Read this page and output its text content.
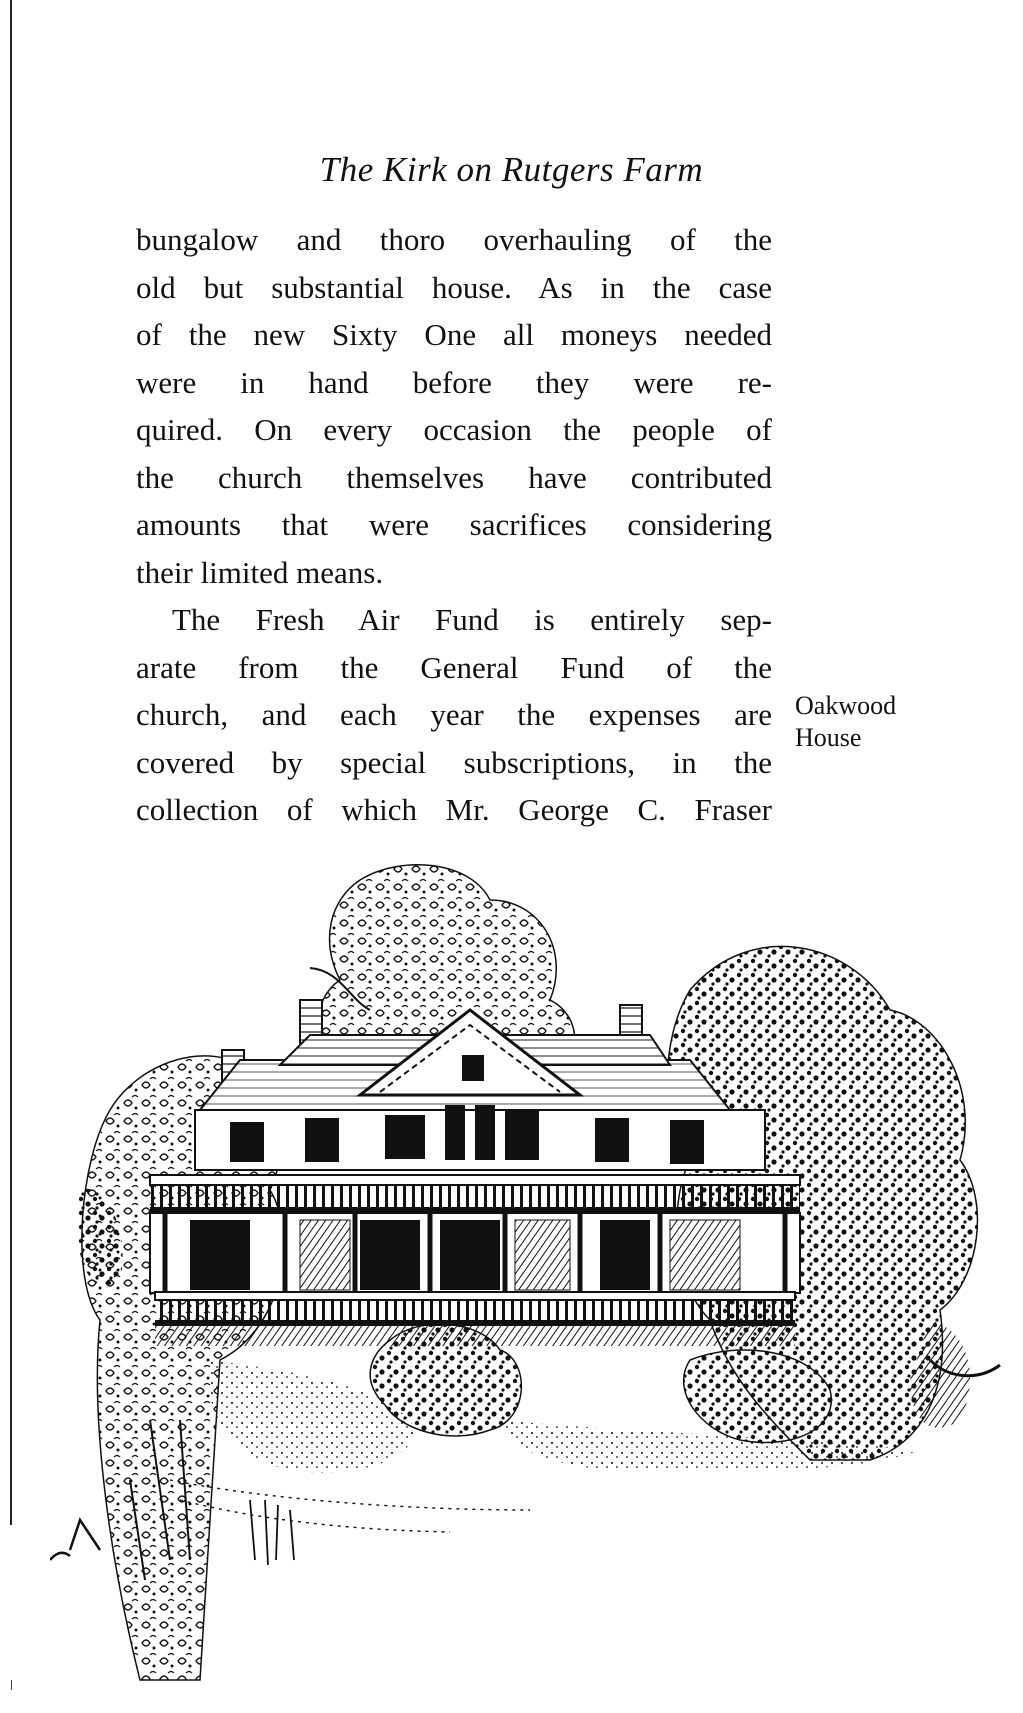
The Kirk on Rutgers Farm

bungalow and thoro overhauling of the
old but substantial house. As in the case
of the new Sixty One all moneys needed
were in hand before they were re-
quired. On every occasion the people of
the church themselves have contributed
amounts that were sacrifices considering
their limited means.

The Fresh Air Fund is entirely sep-
arate from the General Fund of the
church, and each year the expenses are
covered by special subscriptions, in the
collection of which Mr. George C. Fraser

Oakwood
House
